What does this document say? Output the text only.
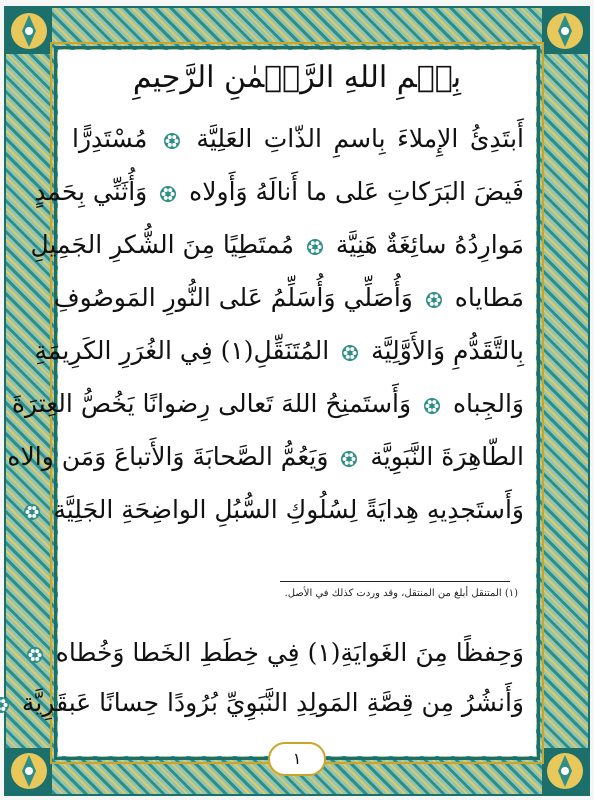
بِسۡمِ اللهِ الرَّحۡمٰنِ الرَّحِيمِ
أَبتَدِئُ الإِملاءَ بِاسمِ الذّاتِ العَلِيَّة  مُسْتَدِرًّا
فَيضَ البَرَكاتِ عَلى ما أَنالَهُ وَأَولاه  وَأُثَنِّي بِحَمدٍ
مَوارِدُهُ سائِغَةٌ هَنِيَّة  مُمتَطِيًا مِنَ الشُّكرِ الجَمِيلِ
مَطاياه  وَأُصَلِّي وَأُسَلِّمُ عَلى النُّورِ المَوصُوفِ
بِالتَّقَدُّمِ وَالأَوَّلِيَّة  المُتَنَقِّلِ(١) فِي الغُرَرِ الكَرِيمَةِ
وَالجِباه  وَأَستَمنِحُ اللهَ تَعالى رِضوانًا يَخُصُّ العِترَةَ
الطّاهِرَةَ النَّبَوِيَّة  وَيَعُمُّ الصَّحابَةَ وَالأَتباعَ وَمَن والاه
وَأَستَجدِيهِ هِدايَةً لِسُلُوكِ السُّبُلِ الواضِحَةِ الجَلِيَّة
(١) المتنقل أبلغ من المنتقل، وقد وردت كذلك في الأصل.
وَحِفظًا مِنَ الغَوايَةِ(١) فِي خِطَطِ الخَطا وَخُطاه
وَأَنشُرُ مِن قِصَّةِ المَولِدِ النَّبَوِيِّ بُرُودًا حِسانًا عَبقَرِيَّة
١
